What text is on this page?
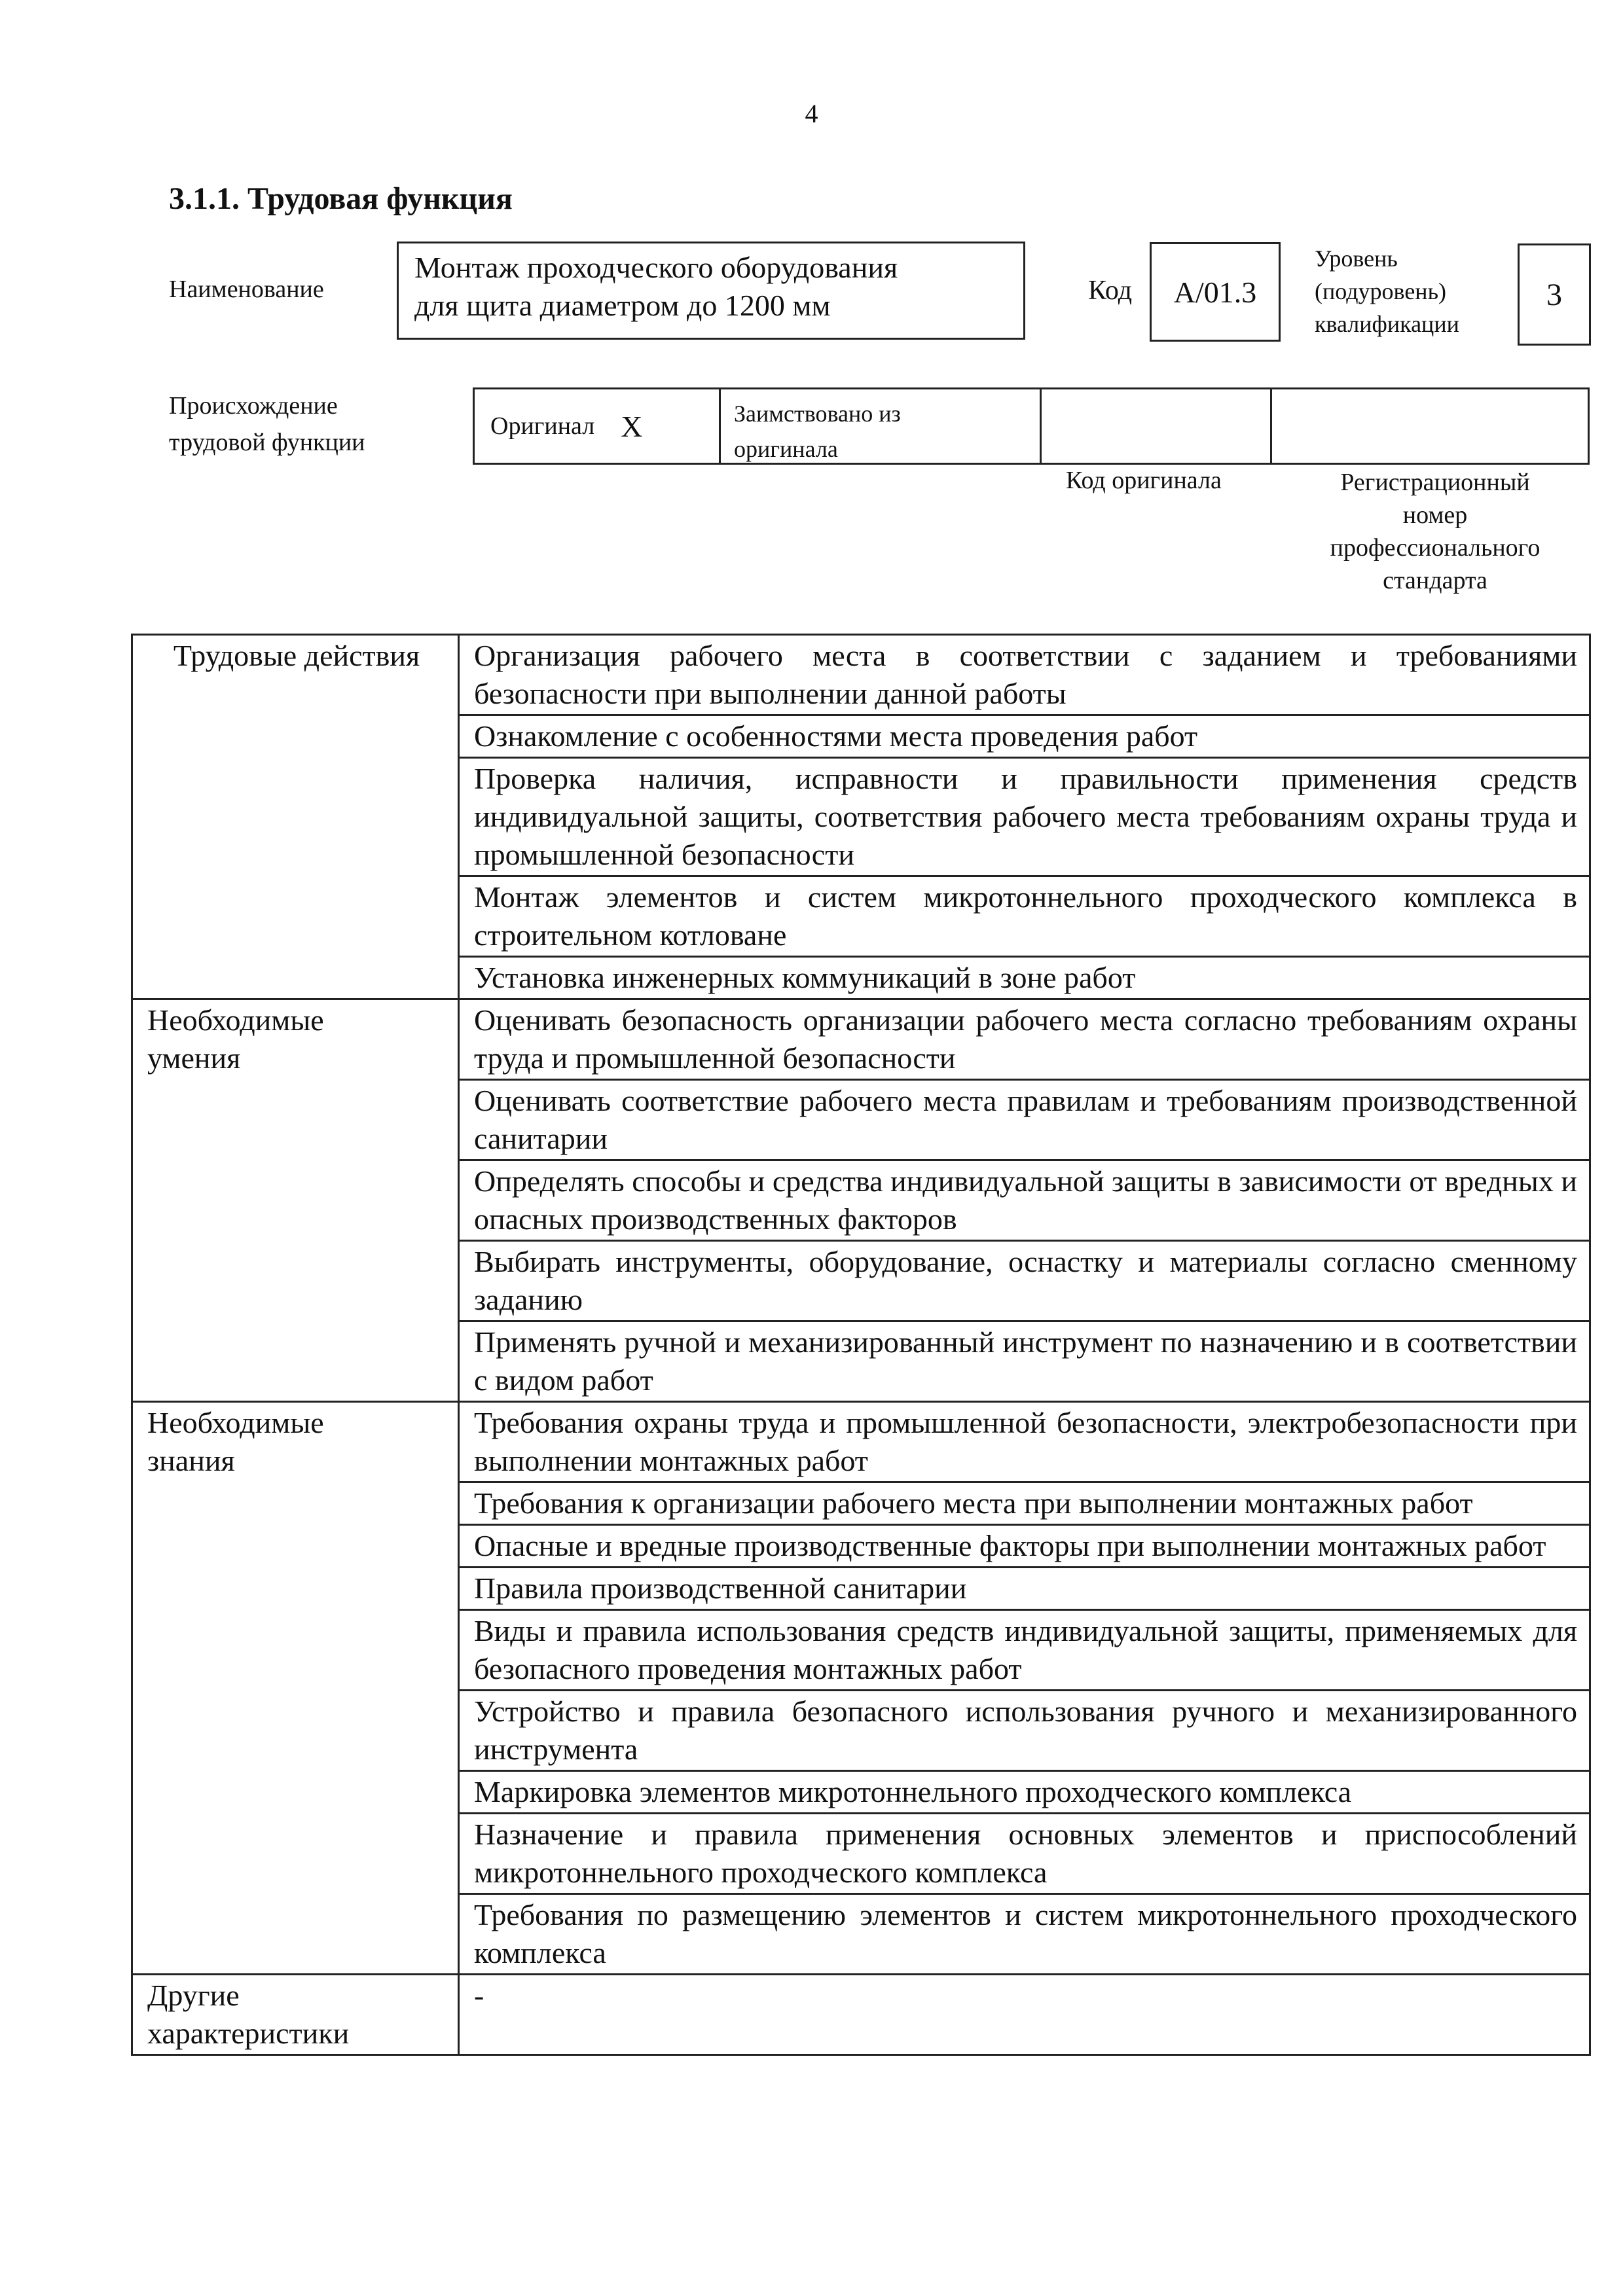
4
3.1.1. Трудовая функция
Наименование
Монтаж проходческого оборудования
для щита диаметром до 1200 мм	Код А/01.3
Уровень
(подуровень)
квалификации
3
Происхождение
трудовой функции
Оригинал X	Заимствовано из
оригинала
Код оригинала	Регистрационный
номер
профессионального
стандарта
Трудовые действия	Организация рабочего места в соответствии с заданием и требованиями безопасности при выполнении данной работы
	Ознакомление с особенностями места проведения работ
	Проверка наличия, исправности и правильности применения средств индивидуальной защиты, соответствия рабочего места требованиям охраны труда и промышленной безопасности
	Монтаж элементов и систем микротоннельного проходческого комплекса в строительном котловане
	Установка инженерных коммуникаций в зоне работ

Необходимые
умения	Оценивать безопасность организации рабочего места согласно требованиям охраны труда и промышленной безопасности
	Оценивать соответствие рабочего места правилам и требованиям производственной санитарии
	Определять способы и средства индивидуальной защиты в зависимости от вредных и опасных производственных факторов
	Выбирать инструменты, оборудование, оснастку и материалы согласно сменному заданию
	Применять ручной и механизированный инструмент по назначению и в соответствии с видом работ

Необходимые
знания	Требования охраны труда и промышленной безопасности, электробезопасности при выполнении монтажных работ
	Требования к организации рабочего места при выполнении монтажных работ
	Опасные и вредные производственные факторы при выполнении монтажных работ
	Правила производственной санитарии
	Виды и правила использования средств индивидуальной защиты, применяемых для безопасного проведения монтажных работ
	Устройство и правила безопасного использования ручного и механизированного инструмента
	Маркировка элементов микротоннельного проходческого комплекса
	Назначение и правила применения основных элементов и приспособлений микротоннельного проходческого комплекса
	Требования по размещению элементов и систем микротоннельного проходческого комплекса

Другие
характеристики	-
